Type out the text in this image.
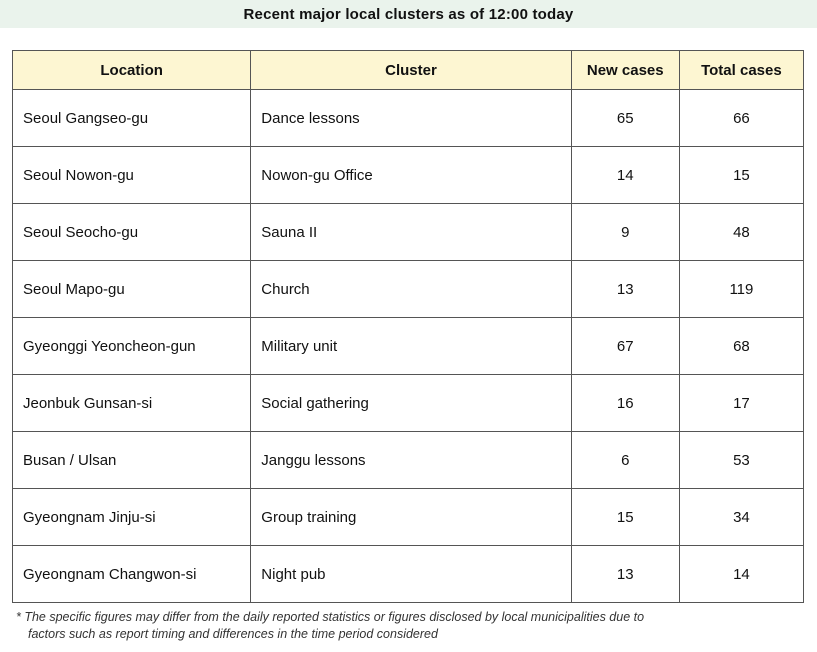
Recent major local clusters as of 12:00 today
Location	Cluster	New cases	Total cases
Seoul Gangseo-gu	Dance lessons	65	66
Seoul Nowon-gu	Nowon-gu Office	14	15
Seoul Seocho-gu	Sauna II	9	48
Seoul Mapo-gu	Church	13	119
Gyeonggi Yeoncheon-gun	Military unit	67	68
Jeonbuk Gunsan-si	Social gathering	16	17
Busan / Ulsan	Janggu lessons	6	53
Gyeongnam Jinju-si	Group training	15	34
Gyeongnam Changwon-si	Night pub	13	14
* The specific figures may differ from the daily reported statistics or figures disclosed by local municipalities due to
factors such as report timing and differences in the time period considered
